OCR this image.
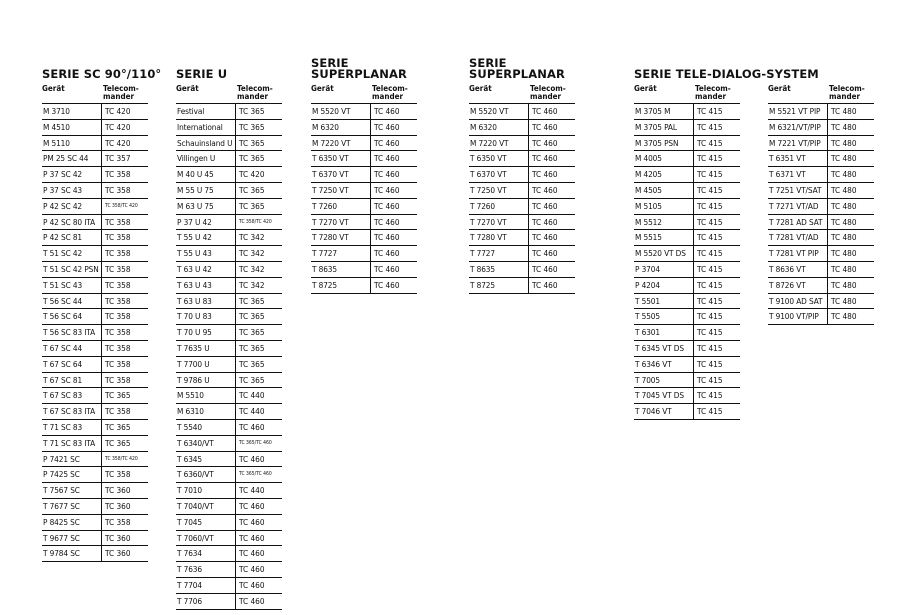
SERIE SC 90°/110°
Gerät	Telecom-
mander
M 3710	TC 420
M 4510	TC 420
M 5110	TC 420
PM 25 SC 44	TC 357
P 37 SC 42	TC 358
P 37 SC 43	TC 358
P 42 SC 42	TC 358/TC 420
P 42 SC 80 ITA	TC 358
P 42 SC 81	TC 358
T 51 SC 42	TC 358
T 51 SC 42 PSN TC 358
T 51 SC 43	TC 358
T 56 SC 44	TC 358
T 56 SC 64	TC 358
T 56 SC 83 ITA	TC 358
T 67 SC 44	TC 358
T 67 SC 64	TC 358
T 67 SC 81	TC 358
T 67 SC 83	TC 365
T 67 SC 83 ITA	TC 358
T 71 SC 83	TC 365
T 71 SC 83 ITA	TC 365
P 7421 SC	TC 358/TC 420
P 7425 SC	TC 358
T 7567 SC	TC 360
T 7677 SC	TC 360
P 8425 SC	TC 358
T 9677 SC	TC 360
T 9784 SC	TC 360
SERIE U
Gerät	Telecom-
mander
Festival	TC 365
International	TC 365
Schauinsland U TC 365
Villingen U	TC 365
M 40 U 45	TC 420
M 55 U 75	TC 365
M 63 U 75	TC 365
P 37 U 42	TC 358/TC 420
T 55 U 42	TC 342
T 55 U 43	TC 342
T 63 U 42	TC 342
T 63 U 43	TC 342
T 63 U 83	TC 365
T 70 U 83	TC 365
T 70 U 95	TC 365
T 7635 U	TC 365
T 7700 U	TC 365
T 9786 U	TC 365
M 5510	TC 440
M 6310	TC 440
T 5540	TC 460
T 6340/VT	TC 365/TC 460
T 6345	TC 460
T 6360/VT	TC 365/TC 460
T 7010	TC 440
T 7040/VT	TC 460
T 7045	TC 460
T 7060/VT	TC 460
T 7634	TC 460
T 7636	TC 460
T 7704	TC 460
T 7706	TC 460
SERIE
SUPERPLANAR
Gerät	Telecom-
mander
M 5520 VT	TC 460
M 6320	TC 460
M 7220 VT	TC 460
T 6350 VT	TC 460
T 6370 VT	TC 460
T 7250 VT	TC 460
T 7260	TC 460
T 7270 VT	TC 460
T 7280 VT	TC 460
T 7727	TC 460
T 8635	TC 460
T 8725	TC 460
SERIE
SUPERPLANAR
Gerät	Telecom-
mander
M 5520 VT	TC 460
M 6320	TC 460
M 7220 VT	TC 460
T 6350 VT	TC 460
T 6370 VT	TC 460
T 7250 VT	TC 460
T 7260	TC 460
T 7270 VT	TC 460
T 7280 VT	TC 460
T 7727	TC 460
T 8635	TC 460
T 8725	TC 460
SERIE TELE-DIALOG-SYSTEM
Gerät	Telecom-
mander
M 3705 M	TC 415
M 3705 PAL	TC 415
M 3705 PSN	TC 415
M 4005	TC 415
M 4205	TC 415
M 4505	TC 415
M 5105	TC 415
M 5512	TC 415
M 5515	TC 415
M 5520 VT DS	TC 415
P 3704	TC 415
P 4204	TC 415
T 5501	TC 415
T 5505	TC 415
T 6301	TC 415
T 6345 VT DS	TC 415
T 6346 VT	TC 415
T 7005	TC 415
T 7045 VT DS	TC 415
T 7046 VT	TC 415
Gerät	Telecom-
mander
M 5521 VT PIP	TC 480
M 6321/VT/PIP	TC 480
M 7221 VT/PIP	TC 480
T 6351 VT	TC 480
T 6371 VT	TC 480
T 7251 VT/SAT	TC 480
T 7271 VT/AD	TC 480
T 7281 AD SAT	TC 480
T 7281 VT/AD	TC 480
T 7281 VT PIP	TC 480
T 8636 VT	TC 480
T 8726 VT	TC 480
T 9100 AD SAT	TC 480
T 9100 VT/PIP	TC 480
